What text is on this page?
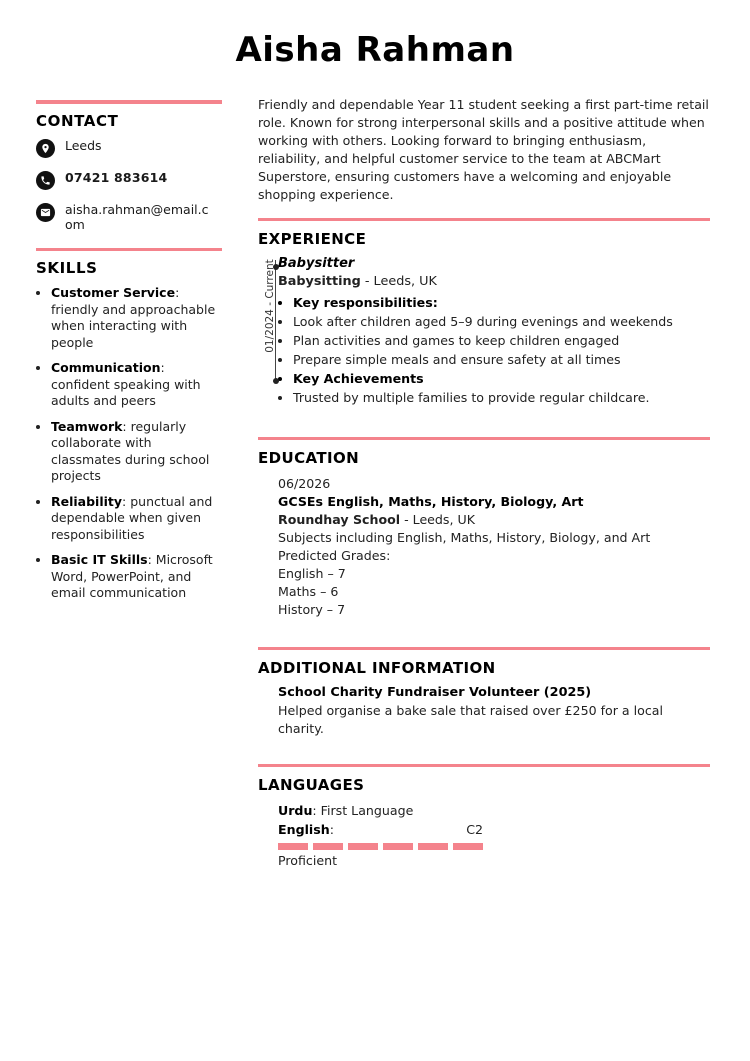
Aisha Rahman
CONTACT
Leeds
07421 883614
aisha.rahman@email.com
SKILLS
• Customer Service: friendly and approachable when interacting with people
• Communication: confident speaking with adults and peers
• Teamwork: regularly collaborate with classmates during school projects
• Reliability: punctual and dependable when given responsibilities
• Basic IT Skills: Microsoft Word, PowerPoint, and email communication
Friendly and dependable Year 11 student seeking a first part-time retail role. Known for strong interpersonal skills and a positive attitude when working with others. Looking forward to bringing enthusiasm, reliability, and helpful customer service to the team at ABCMart Superstore, ensuring customers have a welcoming and enjoyable shopping experience.
EXPERIENCE
01/2024 - Current Babysitter
Babysitting - Leeds, UK
• Key responsibilities:
• Look after children aged 5–9 during evenings and weekends
• Plan activities and games to keep children engaged
• Prepare simple meals and ensure safety at all times
• Key Achievements
• Trusted by multiple families to provide regular childcare.
EDUCATION
06/2026
GCSEs English, Maths, History, Biology, Art
Roundhay School - Leeds, UK
Subjects including English, Maths, History, Biology, and Art
Predicted Grades:
English – 7
Maths – 6
History – 7
ADDITIONAL INFORMATION
School Charity Fundraiser Volunteer (2025)
Helped organise a bake sale that raised over £250 for a local charity.
LANGUAGES
Urdu: First Language
English:	C2
Proficient
